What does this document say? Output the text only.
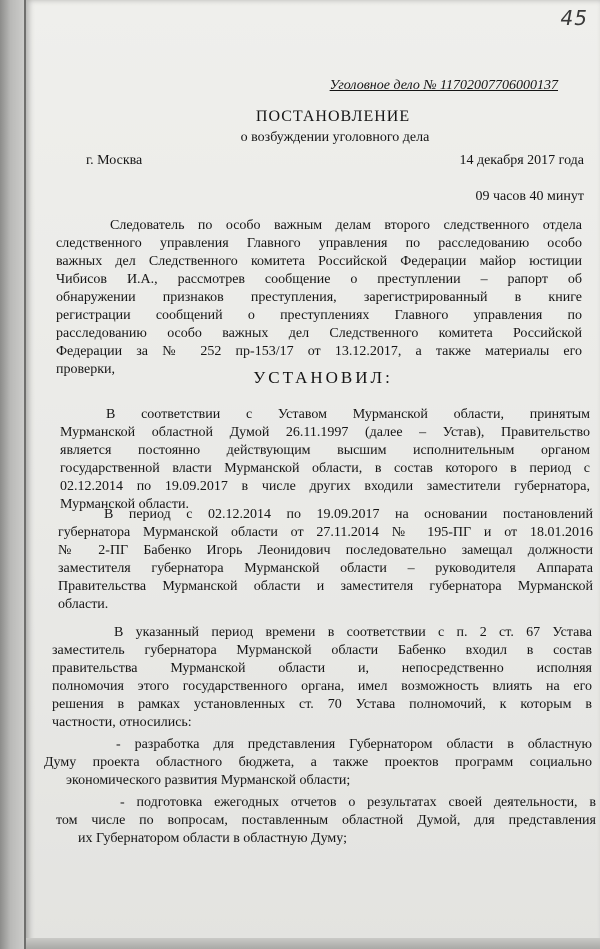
45
Уголовное дело № 11702007706000137
ПОСТАНОВЛЕНИЕ
о возбуждении уголовного дела
г. Москва	14 декабря 2017 года
09 часов 40 минут
Следователь по особо важным делам второго следственного отдела
следственного управления Главного управления по расследованию особо
важных дел Следственного комитета Российской Федерации майор юстиции
Чибисов И.А., рассмотрев сообщение о преступлении – рапорт об
обнаружении признаков преступления, зарегистрированный в книге
регистрации сообщений о преступлениях Главного управления по
расследованию особо важных дел Следственного комитета Российской
Федерации за № 252 пр-153/17 от 13.12.2017, а также материалы его
проверки,	УСТАНОВИЛ:
В соответствии с Уставом Мурманской области, принятым
Мурманской областной Думой 26.11.1997 (далее – Устав), Правительство
является постоянно действующим высшим исполнительным органом
государственной власти Мурманской области, в состав которого в период с
02.12.2014 по 19.09.2017 в числе других входили заместители губернатора,
Мурманской области.
В период с 02.12.2014 по 19.09.2017 на основании постановлений
губернатора Мурманской области от 27.11.2014 № 195-ПГ и от 18.01.2016
№ 2-ПГ Бабенко Игорь Леонидович последовательно замещал должности
заместителя губернатора Мурманской области – руководителя Аппарата
Правительства Мурманской области и заместителя губернатора Мурманской
области.
В указанный период времени в соответствии с п. 2 ст. 67 Устава
заместитель губернатора Мурманской области Бабенко входил в состав
правительства Мурманской области и, непосредственно исполняя
полномочия этого государственного органа, имел возможность влиять на его
решения в рамках установленных ст. 70 Устава полномочий, к которым в
частности, относились:
- разработка для представления Губернатором области в областную
Думу проекта областного бюджета, а также проектов программ социально
экономического развития Мурманской области;
- подготовка ежегодных отчетов о результатах своей деятельности, в
том числе по вопросам, поставленным областной Думой, для представления
их Губернатором области в областную Думу;
